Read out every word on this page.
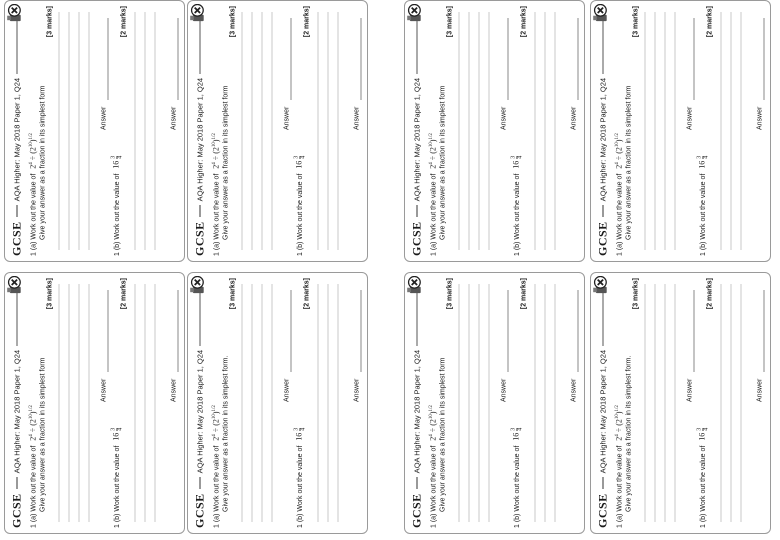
GCSE
AQA Higher: May 2018 Paper 1, Q24
1 (a) Work out the value of $2^4 \div (2^{10})^{1/2}$ Give your answer as a fraction in its simplest form
[3 marks]
Answer
1 (b) Work out the value of 16
3 4
[2 marks]
Answer
GCSE
AQA Higher: May 2018 Paper 1, Q24
1 (a) Work out the value of $2^4 \div (2^{10})^{1/2}$ Give your answer as a fraction in its simplest form
[3 marks]
Answer
1 (b) Work out the value of 16
3 4
[2 marks]
Answer
GCSE
AQA Higher: May 2018 Paper 1, Q24
1 (a) Work out the value of $2^4 \div (2^{10})^{1/2}$ Give your answer as a fraction in its simplest form
[3 marks]
Answer
1 (b) Work out the value of 16
3 4
[2 marks]
Answer
GCSE
AQA Higher: May 2018 Paper 1, Q24
1 (a) Work out the value of $2^4 \div (2^{10})^{1/2}$ Give your answer as a fraction in its simplest form.
[3 marks]
Answer
1 (b) Work out the value of 16
3 4
[2 marks]
Answer
GCSE
AQA Higher: May 2018 Paper 1, Q24
1 (a) Work out the value of $2^4 \div (2^{10})^{1/2}$ Give your answer as a fraction in its simplest form
[3 marks]
Answer
1 (b) Work out the value of 16
3 4
[2 marks]
Answer
GCSE
AQA Higher: May 2018 Paper 1, Q24
1 (a) Work out the value of $2^4 \div (2^{10})^{1/2}$ Give your answer as a fraction in its simplest form
[3 marks]
Answer
1 (b) Work out the value of 16
3 4
[2 marks]
Answer
GCSE
AQA Higher: May 2018 Paper 1, Q24
1 (a) Work out the value of $2^4 \div (2^{10})^{1/2}$ Give your answer as a fraction in its simplest form
[3 marks]
Answer
1 (b) Work out the value of 16
3 4
[2 marks]
Answer
GCSE
AQA Higher: May 2018 Paper 1, Q24
1 (a) Work out the value of $2^4 \div (2^{10})^{1/2}$ Give your answer as a fraction in its simplest form.
[3 marks]
Answer
1 (b) Work out the value of 16
3 4
[2 marks]
Answer
